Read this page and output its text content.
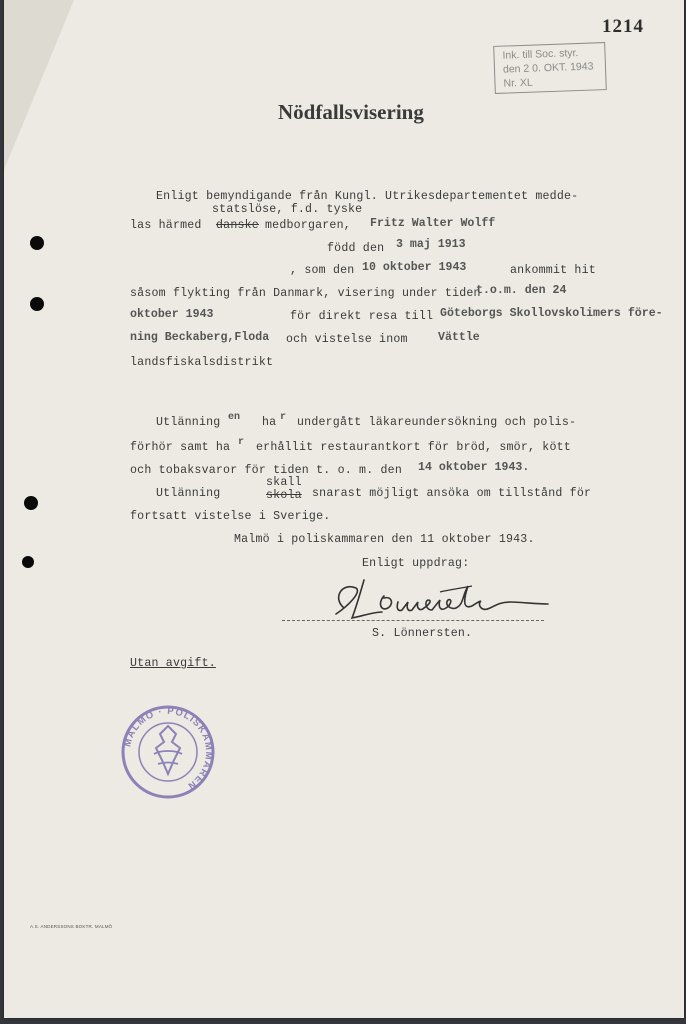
1214
Ink. till Soc. styr.
den 2 0. OKT. 1943
Nr. XL
Nödfallsvisering
Enligt bemyndigande från Kungl. Utrikesdepartementet medde-
statslöse, f.d. tyske
las härmed danske medborgaren, Fritz Walter Wolff
född den 3 maj 1913
, som den 10 oktober 1943	ankommit hit
såsom flykting från Danmark, visering under tiden
t.o.m. den 24
oktober 1943	för direkt resa till Göteborgs Skollovskolimers före-
ning Beckaberg,Floda och vistelse inom	Vättle
landsfiskalsdistrikt
Utlänning en ha r undergått läkareundersökning och polis-
förhör samt ha r erhållit restaurantkort för bröd, smör, kött
och tobaksvaror för tiden t. o. m. den 14 oktober 1943.
Utlänning
skall
skola snarast möjligt ansöka om tillstånd för
fortsatt vistelse i Sverige.
Malmö i poliskammaren den 11 oktober 1943.
Enligt uppdrag:
S. Lönnersten.
Utan avgift.
MALMÖ · POLISKAMMAREN
A.S. ANDERSSONS BOKTR. MALMÖ
